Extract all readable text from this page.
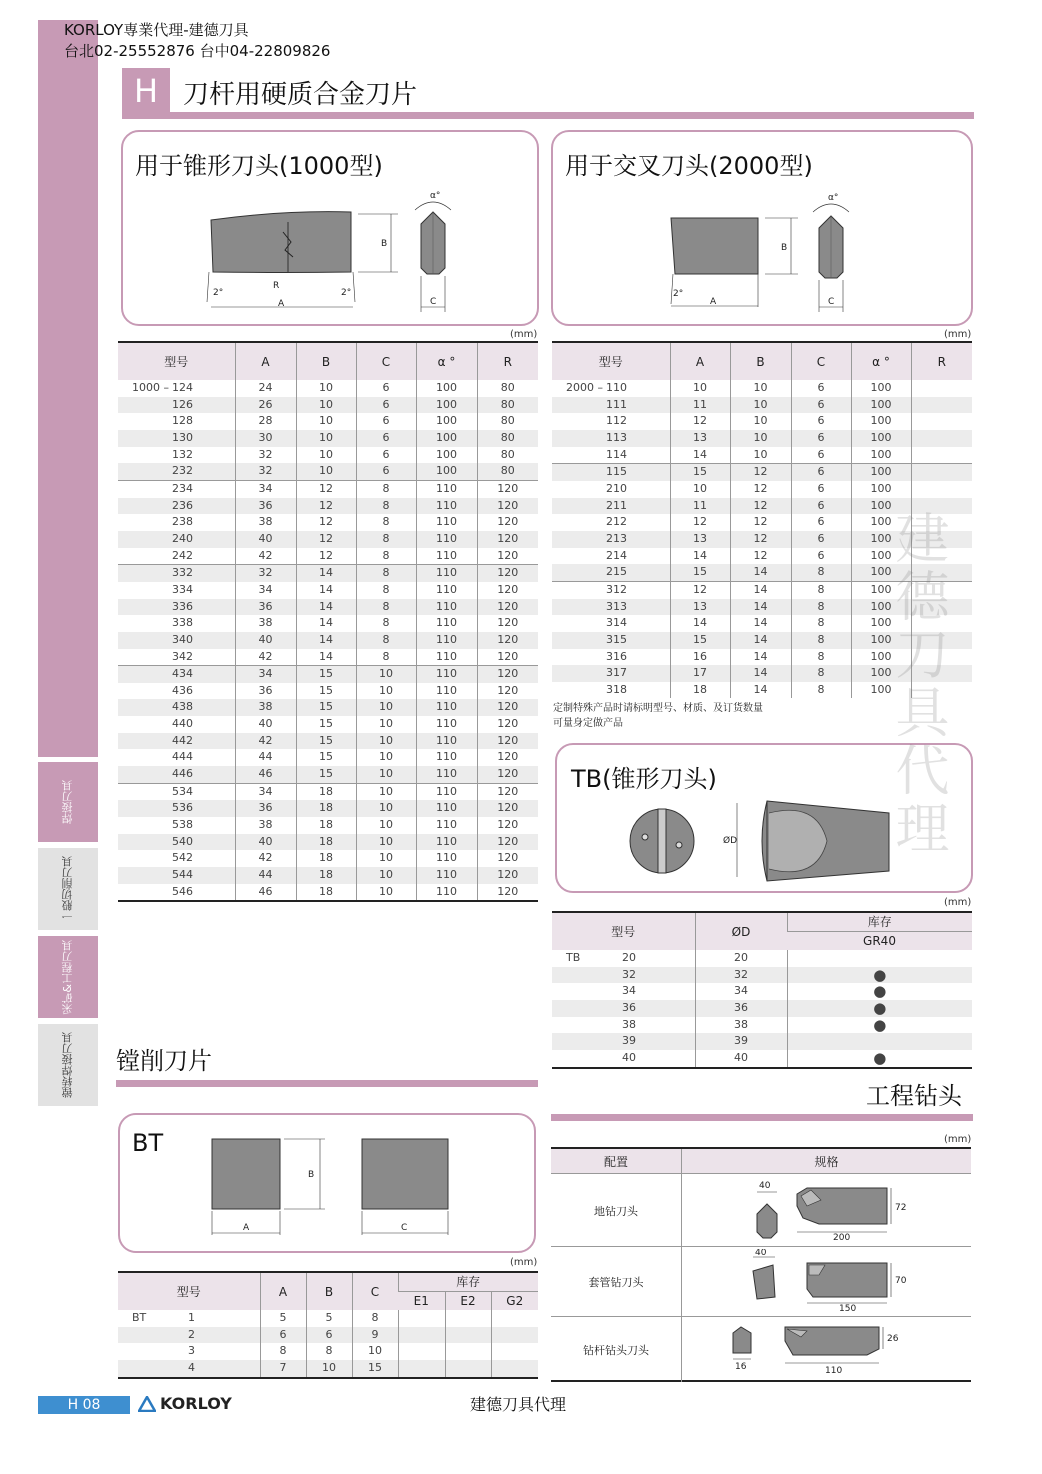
焊接刀具
一般切削刀具
采矿&工程刀具
镗转焊接刀具
KORLOY専業代理-建德刀具
台北02-25552876 台中04-22809826
H 刀杆用硬质合金刀片
用于锥形刀头(1000型)
A
R
2°	2°
B
α°
C
用于交叉刀头(2000型)
A
2°
B
α°
C
(mm)	(mm)
型号	A	B	C	α °	R
1000 – 124	24	10	6	100	80
126	26	10	6	100	80
128	28	10	6	100	80
130	30	10	6	100	80
132	32	10	6	100	80
232	32	10	6	100	80
234	34	12	8	110	120
236	36	12	8	110	120
238	38	12	8	110	120
240	40	12	8	110	120
242	42	12	8	110	120
332	32	14	8	110	120
334	34	14	8	110	120
336	36	14	8	110	120
338	38	14	8	110	120
340	40	14	8	110	120
342	42	14	8	110	120
434	34	15	10	110	120
436	36	15	10	110	120
438	38	15	10	110	120
440	40	15	10	110	120
442	42	15	10	110	120
444	44	15	10	110	120
446	46	15	10	110	120
534	34	18	10	110	120
536	36	18	10	110	120
538	38	18	10	110	120
540	40	18	10	110	120
542	42	18	10	110	120
544	44	18	10	110	120
546	46	18	10	110	120
型号	A	B	C	α °	R
2000 – 110	10	10	6	100	
111	11	10	6	100	
112	12	10	6	100	
113	13	10	6	100	
114	14	10	6	100	
115	15	12	6	100	
210	10	12	6	100	
211	11	12	6	100	
212	12	12	6	100	
213	13	12	6	100	
214	14	12	6	100	
215	15	14	8	100	
312	12	14	8	100	
313	13	14	8	100	
314	14	14	8	100	
315	15	14	8	100	
316	16	14	8	100	
317	17	14	8	100	
318	18	14	8	100	
定制特殊产品时请标明型号、材质、及订货数量
可量身定做产品
TB(锥形刀头)
ØD	建德刀具代理
(mm)
型号	ØD	库存
		GR40
TB 20	20	
32	32	●
34	34	●
36	36	●
38	38	●
39	39	
40	40	●
镗削刀片
BT
A
B
C
(mm)
型号	A	B	C	库存		
				E1	E2	G2
BT 1	5	5	8			
2	6	6	9			
3	8	8	10			
4	7	10	15			
工程钻头
(mm)
配置	规格
地钻刀头
40
72
200
套管钻刀头
40
70
150
钻杆钻头刀头
16
26
110
H 08	KORLOY	建德刀具代理
